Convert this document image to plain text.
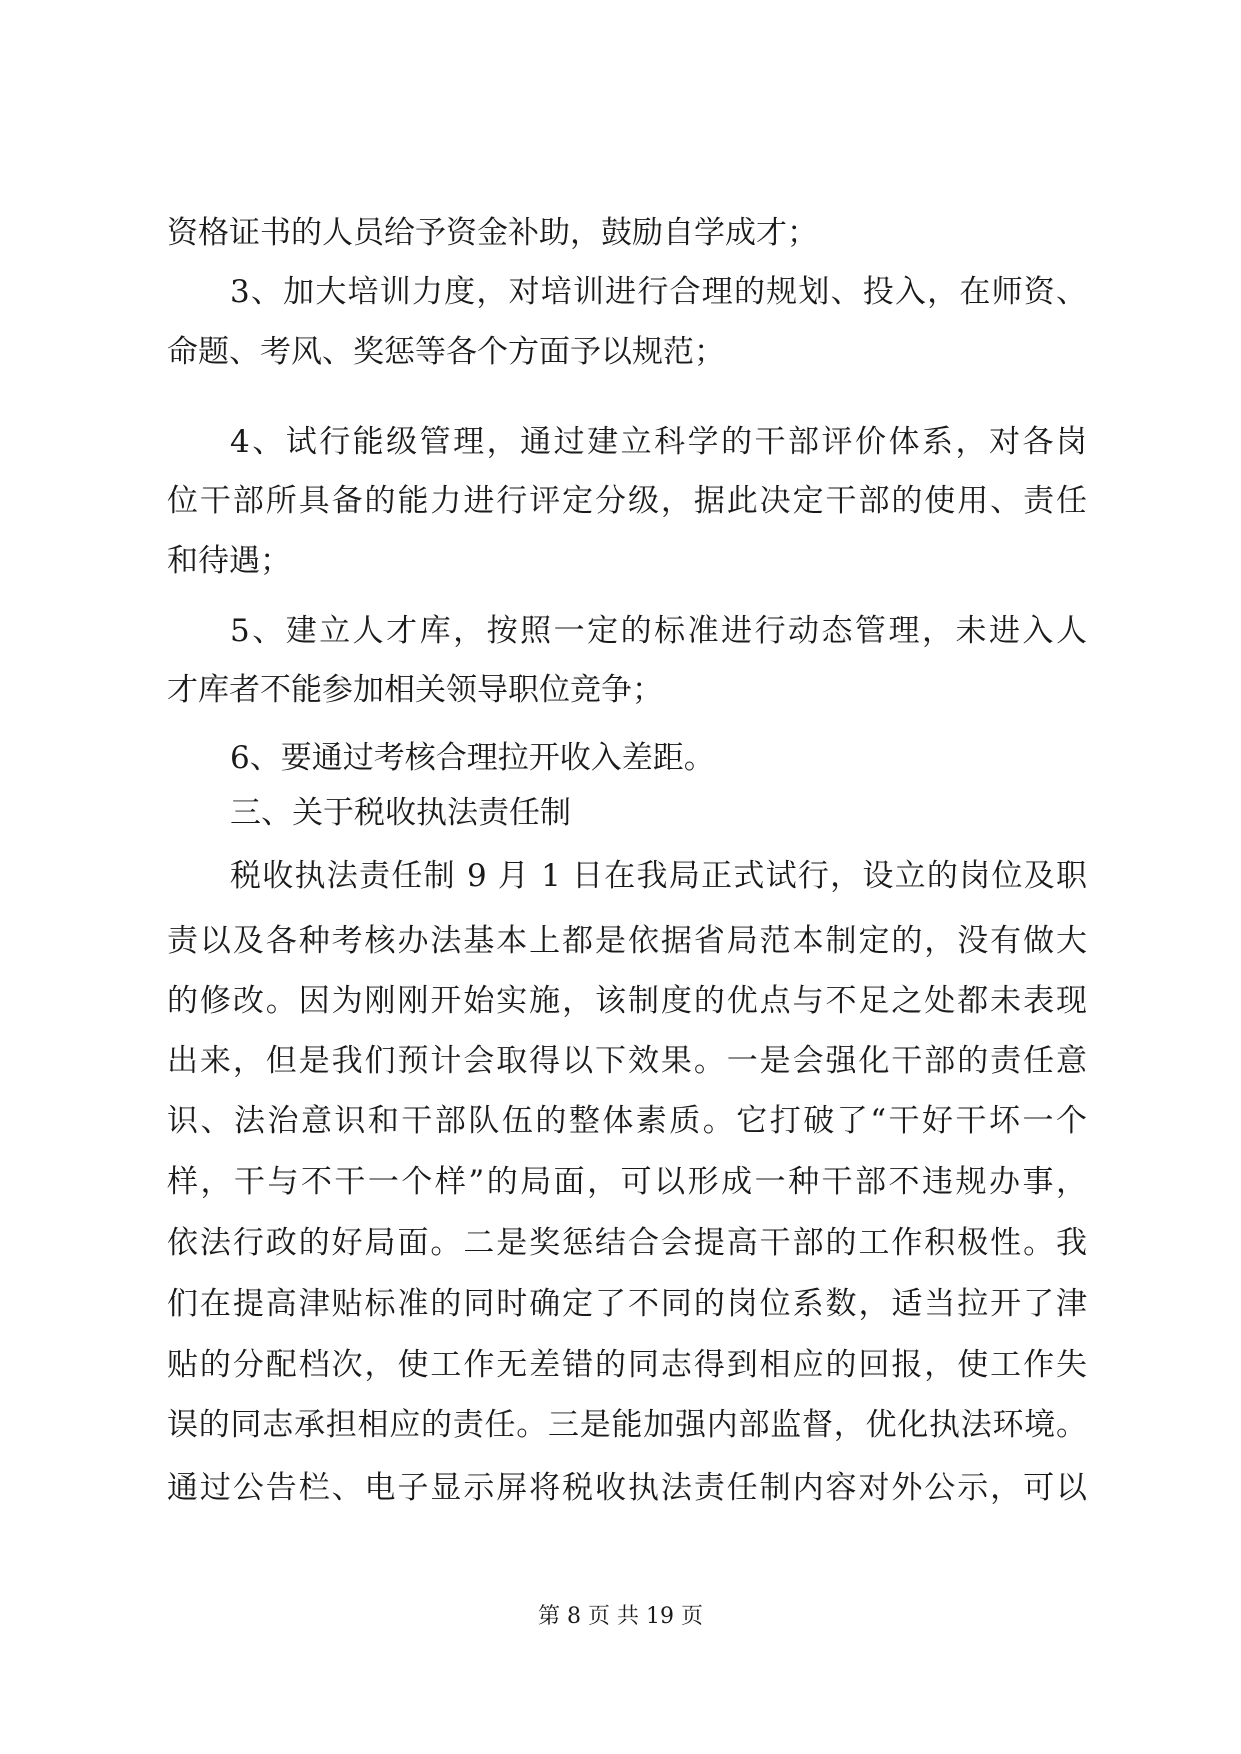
资格证书的人员给予资金补助，鼓励自学成才；
3、加大培训力度，对培训进行合理的规划、投入，在师资、
命题、考风、奖惩等各个方面予以规范；
4、试行能级管理，通过建立科学的干部评价体系，对各岗
位干部所具备的能力进行评定分级，据此决定干部的使用、责任
和待遇；
5、建立人才库，按照一定的标准进行动态管理，未进入人
才库者不能参加相关领导职位竞争；
6、要通过考核合理拉开收入差距。
三、关于税收执法责任制
税收执法责任制 9 月 1 日在我局正式试行，设立的岗位及职
责以及各种考核办法基本上都是依据省局范本制定的，没有做大
的修改。因为刚刚开始实施，该制度的优点与不足之处都未表现
出来，但是我们预计会取得以下效果。一是会强化干部的责任意
识、法治意识和干部队伍的整体素质。它打破了“干好干坏一个
样，干与不干一个样”的局面，可以形成一种干部不违规办事，
依法行政的好局面。二是奖惩结合会提高干部的工作积极性。我
们在提高津贴标准的同时确定了不同的岗位系数，适当拉开了津
贴的分配档次，使工作无差错的同志得到相应的回报，使工作失
误的同志承担相应的责任。三是能加强内部监督，优化执法环境。
通过公告栏、电子显示屏将税收执法责任制内容对外公示，可以
第 8 页 共 19 页
